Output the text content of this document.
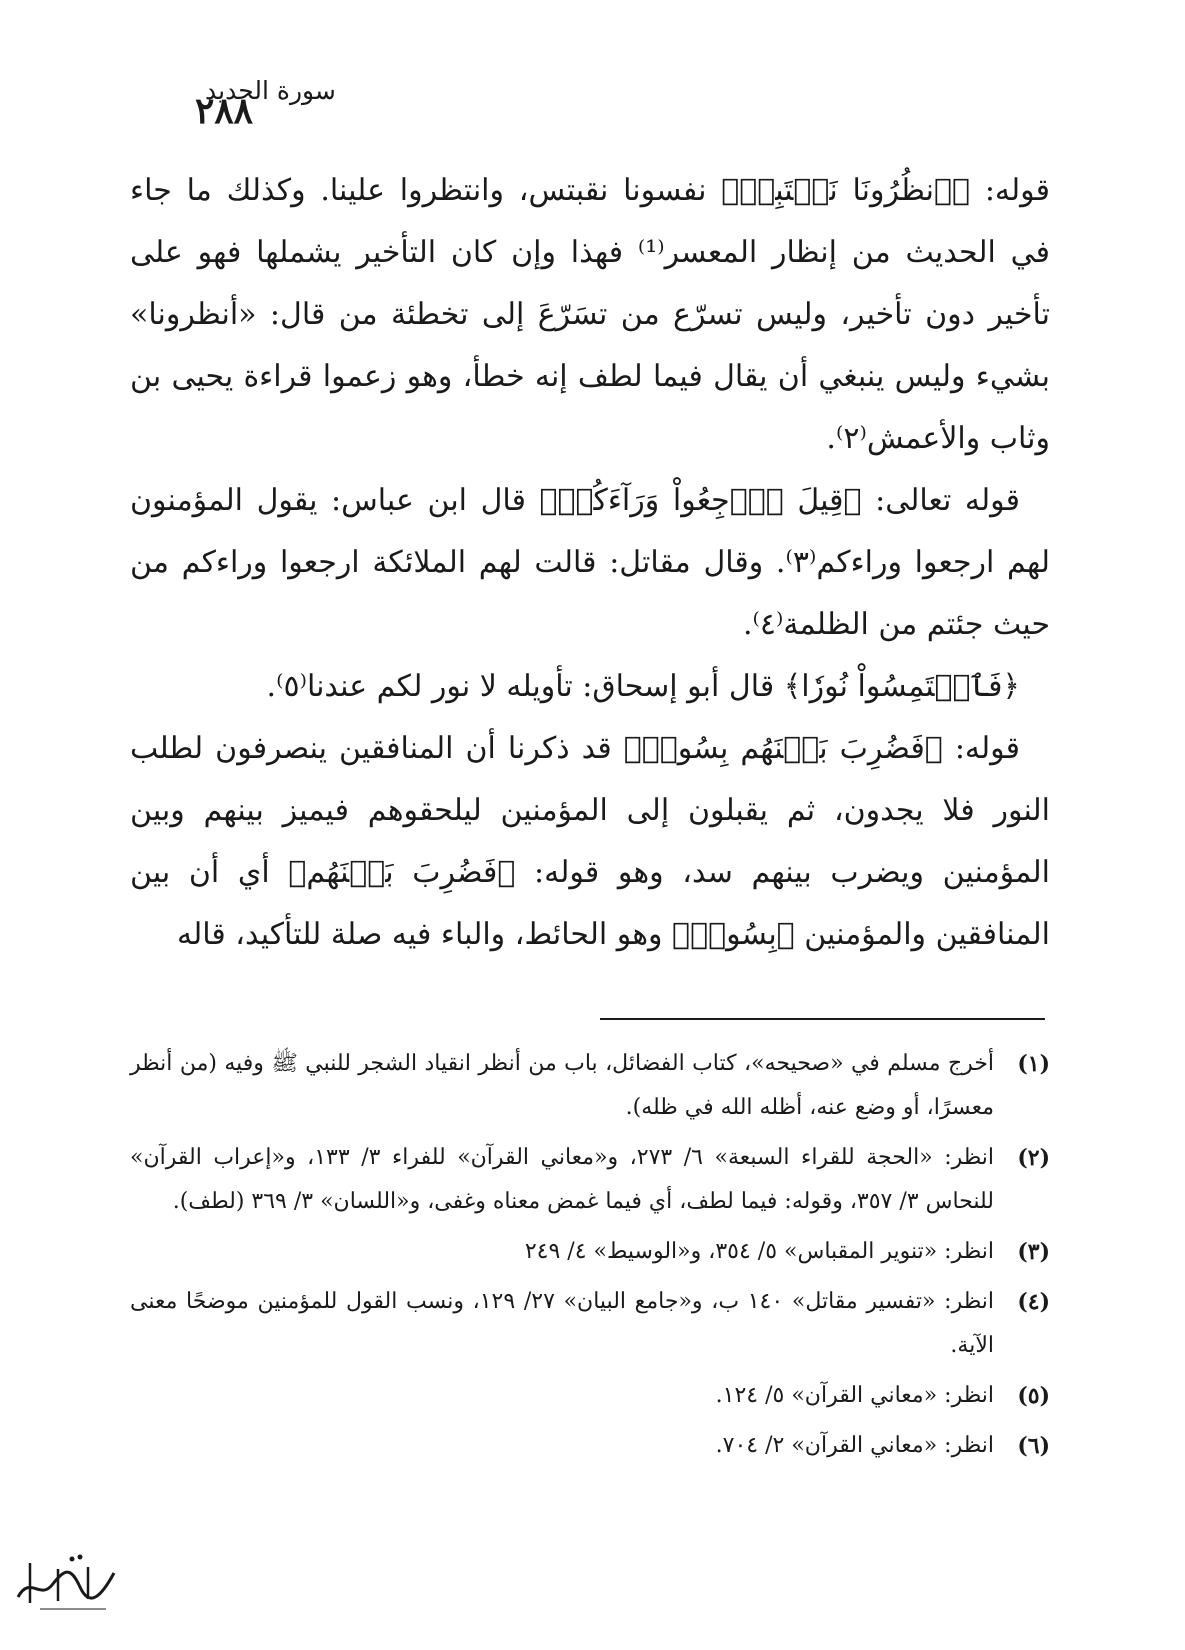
٢٨٨
سورة الحديد

قوله: ﴿ٱنظُرُونَا نَقۡتَبِسۡ﴾ نفسونا نقبتس، وانتظروا علينا. وكذلك ما جاء في الحديث من إنظار المعسر⁽¹⁾ فهذا وإن كان التأخير يشملها فهو على تأخير دون تأخير، وليس تسرّع من تسَرّعَ إلى تخطئة من قال: «أنظرونا» بشيء وليس ينبغي أن يقال فيما لطف إنه خطأ، وهو زعموا قراءة يحيى بن وثاب والأعمش⁽٢⁾.

قوله تعالى: ﴿قِيلَ ٱرۡجِعُواْ وَرَآءَكُمۡ﴾ قال ابن عباس: يقول المؤمنون لهم ارجعوا وراءكم⁽٣⁾. وقال مقاتل: قالت لهم الملائكة ارجعوا وراءكم من حيث جئتم من الظلمة⁽٤⁾.

﴿فَٱلۡتَمِسُواْ نُورٗا﴾ قال أبو إسحاق: تأويله لا نور لكم عندنا⁽٥⁾.

قوله: ﴿فَضُرِبَ بَيۡنَهُم بِسُورٖ﴾ قد ذكرنا أن المنافقين ينصرفون لطلب النور فلا يجدون، ثم يقبلون إلى المؤمنين ليلحقوهم فيميز بينهم وبين المؤمنين ويضرب بينهم سد، وهو قوله: ﴿فَضُرِبَ بَيۡنَهُم﴾ أي أن بين المنافقين والمؤمنين ﴿بِسُورٖ﴾ وهو الحائط، والباء فيه صلة للتأكيد، قاله

(١)
أخرج مسلم في «صحيحه»، كتاب الفضائل، باب من أنظر انقياد الشجر للنبي ﷺ وفيه (من أنظر معسرًا، أو وضع عنه، أظله الله في ظله).
(٢)
انظر: «الحجة للقراء السبعة» ٦/ ٢٧٣، و«معاني القرآن» للفراء ٣/ ١٣٣، و«إعراب القرآن» للنحاس ٣/ ٣٥٧، وقوله: فيما لطف، أي فيما غمض معناه وغفى، و«اللسان» ٣/ ٣٦٩ (لطف).
(٣)
انظر: «تنوير المقباس» ٥/ ٣٥٤، و«الوسيط» ٤/ ٢٤٩
(٤)
انظر: «تفسير مقاتل» ١٤٠ ب، و«جامع البيان» ٢٧/ ١٢٩، ونسب القول للمؤمنين موضحًا معنى الآية.
(٥)
انظر: «معاني القرآن» ٥/ ١٢٤.
(٦)
انظر: «معاني القرآن» ٢/ ٧٠٤.
